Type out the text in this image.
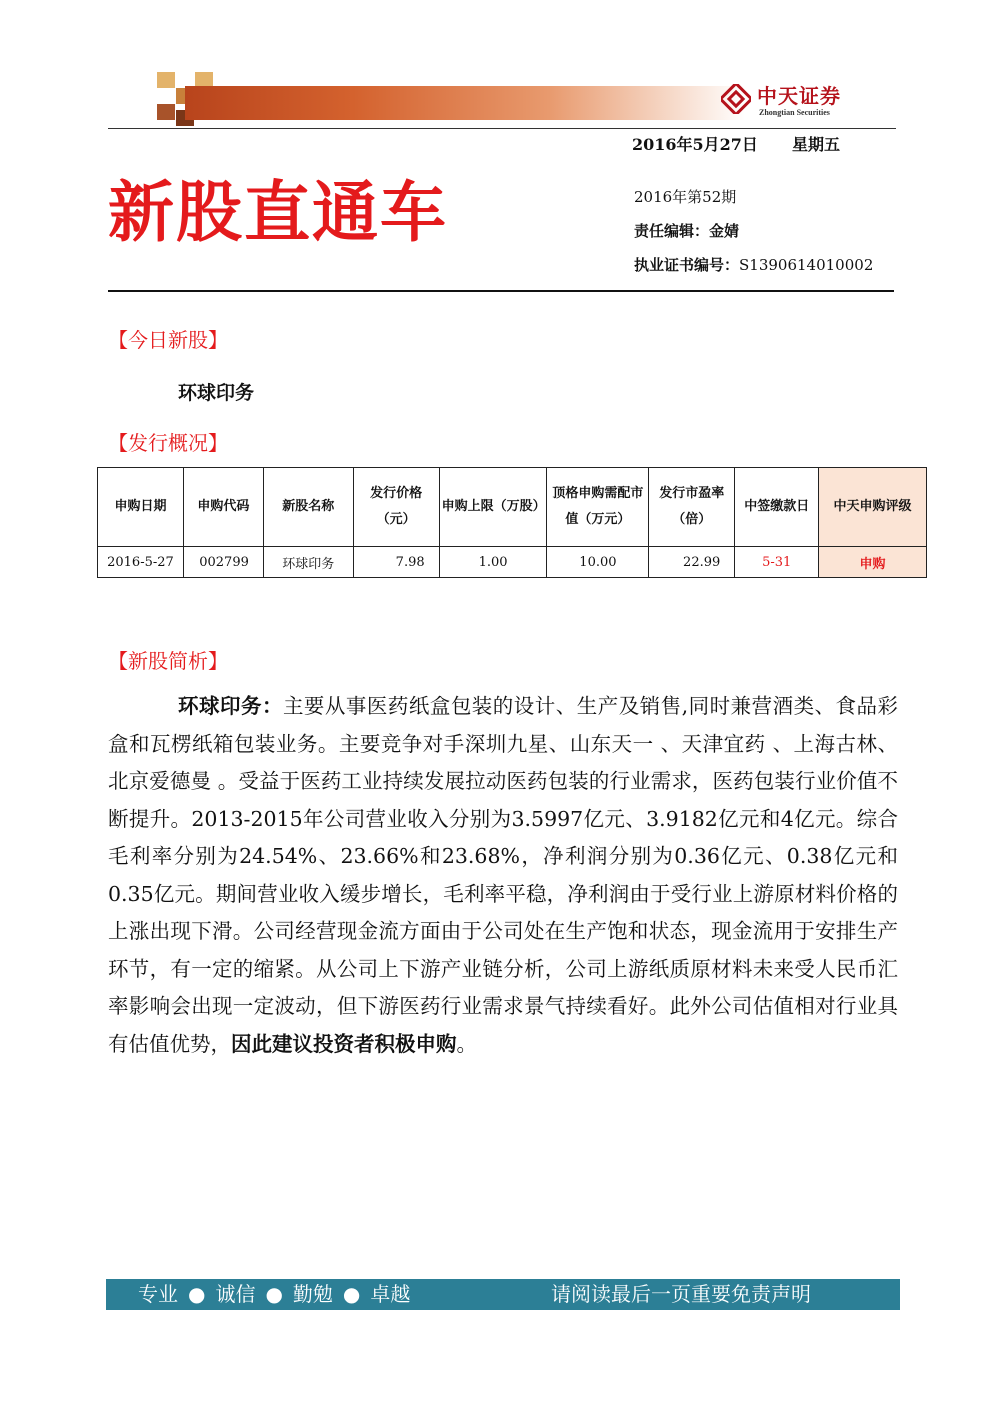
中天证券
Zhongtian Securities
2016年5月27日 星期五
新股直通车	2016年第52期
责任编辑：金婧
执业证书编号：S1390614010002
【今日新股】
环球印务
【发行概况】
申购日期	申购代码	新股名称	发行价格（元）	申购上限（万股）	顶格申购需配市值（万元）	发行市盈率（倍）	中签缴款日	中天申购评级
2016-5-27	002799	环球印务	7.98	1.00	10.00	22.99	5-31	申购
【新股简析】

环球印务：主要从事医药纸盒包装的设计、生产及销售,同时兼营酒类、食品彩盒和瓦楞纸箱包装业务。主要竞争对手深圳九星、山东天一 、天津宜药 、上海古林、北京爱德曼 。受益于医药工业持续发展拉动医药包装的行业需求，医药包装行业价值不断提升。2013-2015年公司营业收入分别为3.5997亿元、3.9182亿元和4亿元。综合毛利率分别为24.54%、23.66%和23.68%，净利润分别为0.36亿元、0.38亿元和0.35亿元。期间营业收入缓步增长，毛利率平稳，净利润由于受行业上游原材料价格的上涨出现下滑。公司经营现金流方面由于公司处在生产饱和状态，现金流用于安排生产环节，有一定的缩紧。从公司上下游产业链分析，公司上游纸质原材料未来受人民币汇率影响会出现一定波动，但下游医药行业需求景气持续看好。此外公司估值相对行业具有估值优势，因此建议投资者积极申购。

专业 ● 诚信 ● 勤勉 ● 卓越	请阅读最后一页重要免责声明
